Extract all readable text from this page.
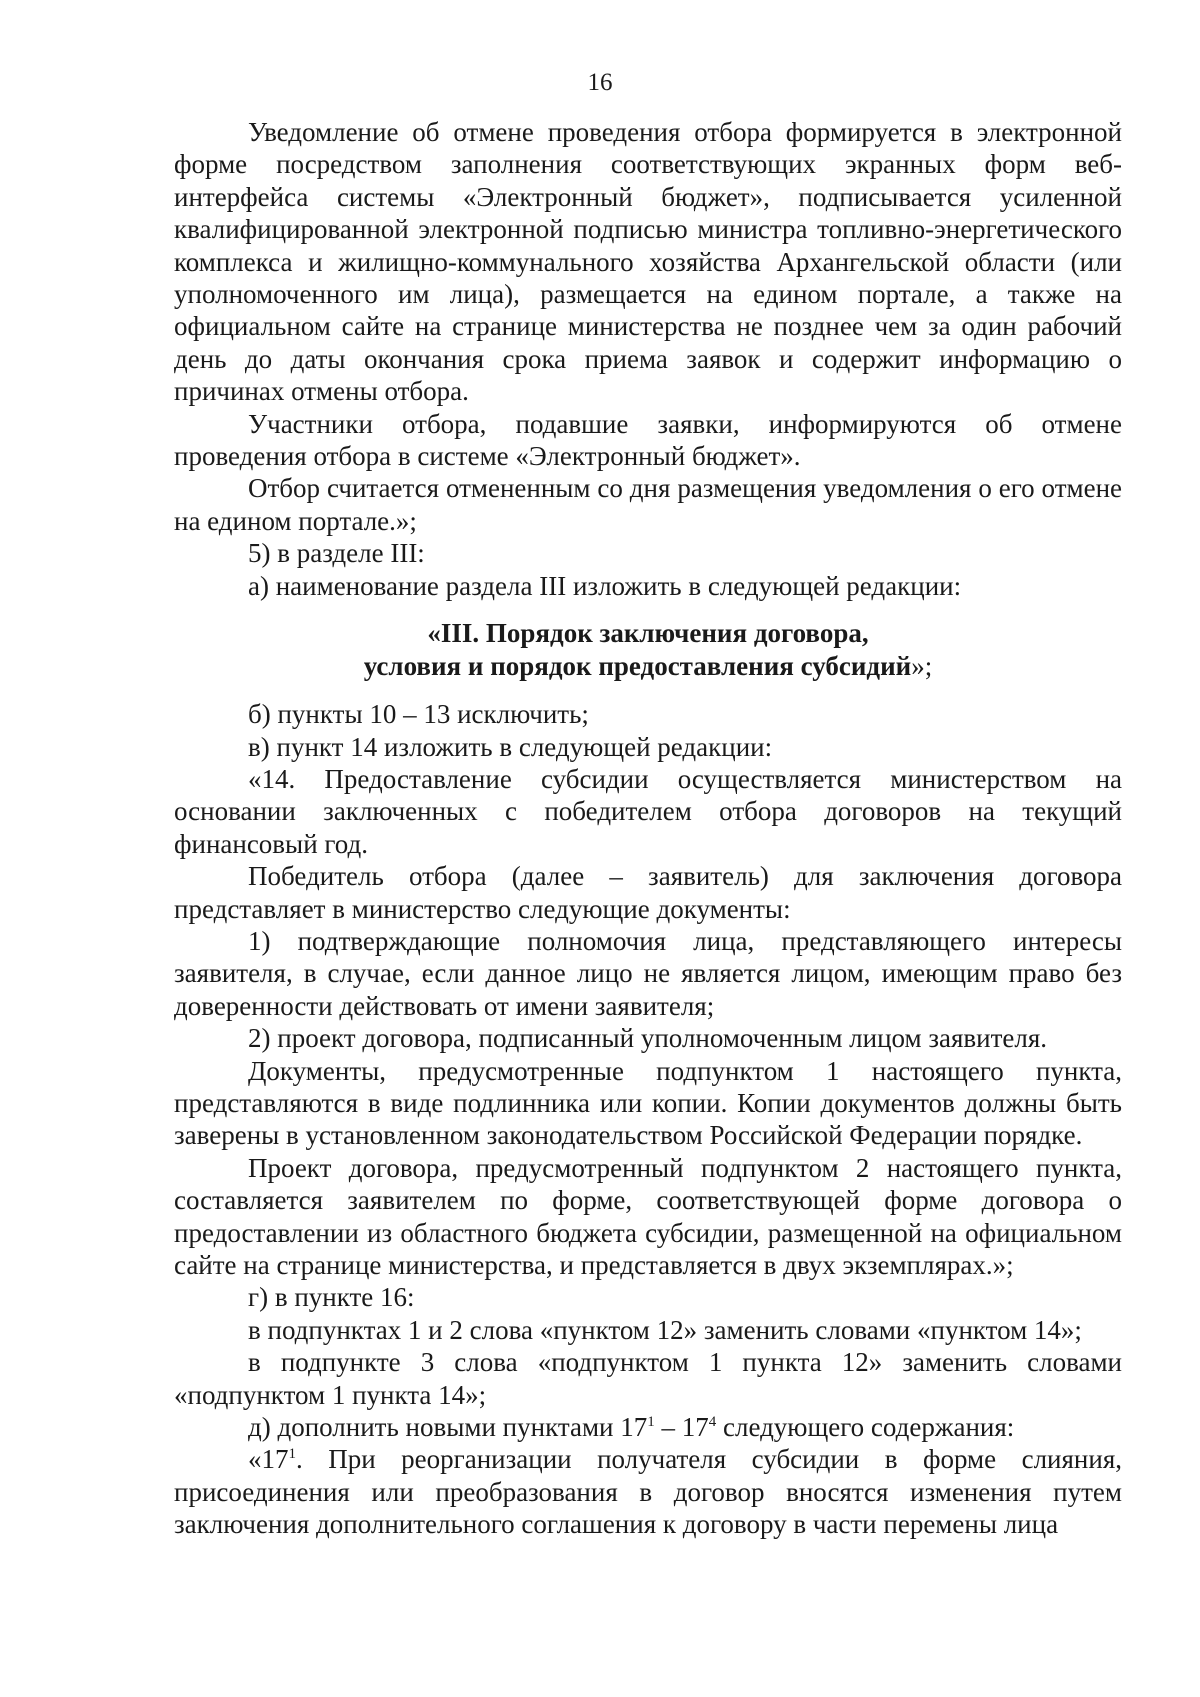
16

Уведомление об отмене проведения отбора формируется в электронной форме посредством заполнения соответствующих экранных форм веб-интерфейса системы «Электронный бюджет», подписывается усиленной квалифицированной электронной подписью министра топливно-энергетического комплекса и жилищно-коммунального хозяйства Архангельской области (или уполномоченного им лица), размещается на едином портале, а также на официальном сайте на странице министерства не позднее чем за один рабочий день до даты окончания срока приема заявок и содержит информацию о причинах отмены отбора.

Участники отбора, подавшие заявки, информируются об отмене проведения отбора в системе «Электронный бюджет».

Отбор считается отмененным со дня размещения уведомления о его отмене на едином портале.»;

5) в разделе III:

а) наименование раздела III изложить в следующей редакции:

«III. Порядок заключения договора,
условия и порядок предоставления субсидий»;

б) пункты 10 – 13 исключить;

в) пункт 14 изложить в следующей редакции:

«14. Предоставление субсидии осуществляется министерством на основании заключенных с победителем отбора договоров на текущий финансовый год.

Победитель отбора (далее – заявитель) для заключения договора представляет в министерство следующие документы:

1) подтверждающие полномочия лица, представляющего интересы заявителя, в случае, если данное лицо не является лицом, имеющим право без доверенности действовать от имени заявителя;

2) проект договора, подписанный уполномоченным лицом заявителя.

Документы, предусмотренные подпунктом 1 настоящего пункта, представляются в виде подлинника или копии. Копии документов должны быть заверены в установленном законодательством Российской Федерации порядке.

Проект договора, предусмотренный подпунктом 2 настоящего пункта, составляется заявителем по форме, соответствующей форме договора о предоставлении из областного бюджета субсидии, размещенной на официальном сайте на странице министерства, и представляется в двух экземплярах.»;

г) в пункте 16:

в подпунктах 1 и 2 слова «пунктом 12» заменить словами «пунктом 14»;

в подпункте 3 слова «подпунктом 1 пункта 12» заменить словами «подпунктом 1 пункта 14»;

д) дополнить новыми пунктами $17^1 - 17^4$ следующего содержания:

«$17^1$. При реорганизации получателя субсидии в форме слияния, присоединения или преобразования в договор вносятся изменения путем заключения дополнительного соглашения к договору в части перемены лица
